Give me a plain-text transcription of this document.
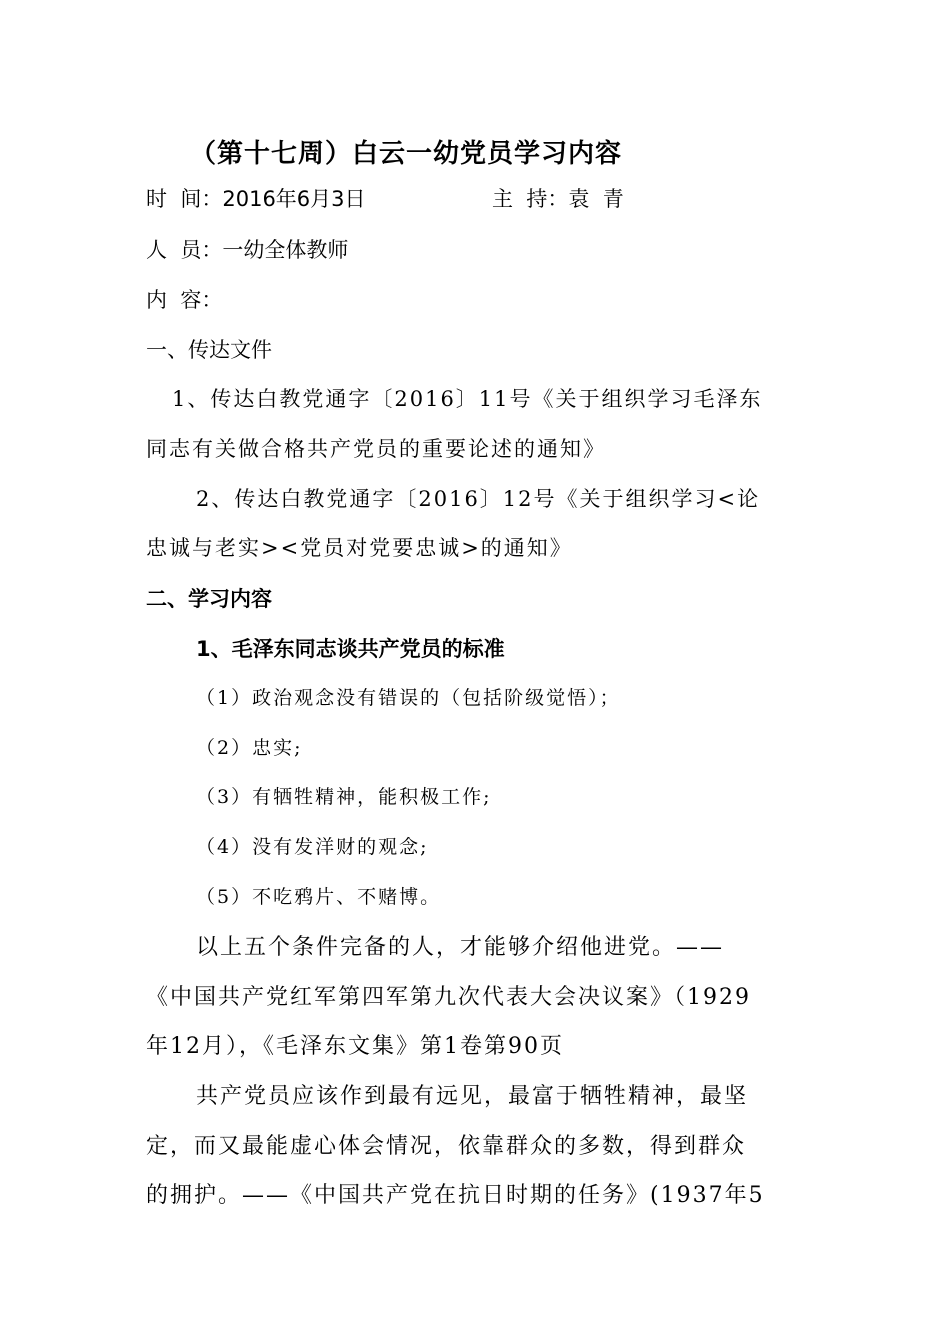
（第十七周）白云一幼党员学习内容
时  间：2016年6月3日	主  持：袁  青
人  员：一幼全体教师
内  容：
一、传达文件
1、传达白教党通字〔2016〕11号《关于组织学习毛泽东
同志有关做合格共产党员的重要论述的通知》
2、传达白教党通字〔2016〕12号《关于组织学习<论
忠诚与老实><党员对党要忠诚>的通知》
二、学习内容
1、毛泽东同志谈共产党员的标准
（1）政治观念没有错误的（包括阶级觉悟）；
（2）忠实;
（3）有牺牲精神，能积极工作;
（4）没有发洋财的观念;
（5）不吃鸦片、不赌博。
以上五个条件完备的人，才能够介绍他进党。——
《中国共产党红军第四军第九次代表大会决议案》（1929
年12月），《毛泽东文集》第1卷第90页
共产党员应该作到最有远见，最富于牺牲精神，最坚
定，而又最能虚心体会情况，依靠群众的多数，得到群众
的拥护。——《中国共产党在抗日时期的任务》(1937年5
